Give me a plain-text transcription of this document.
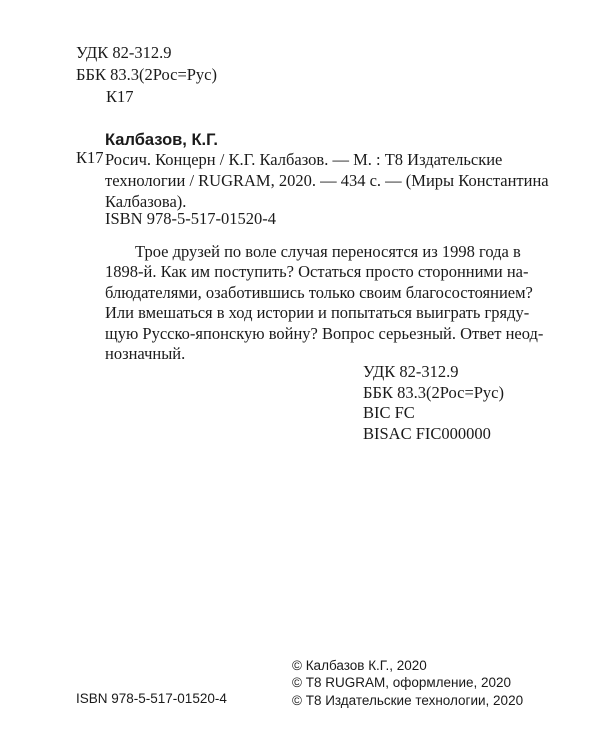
УДК 82-312.9
ББК 83.3(2Рос=Рус)
К17
Калбазов, К.Г.
К17 Росич. Концерн / К.Г. Калбазов. — М. : Т8 Издательские
технологии / RUGRAM, 2020. — 434 с. — (Миры Константина
Калбазова).
ISBN 978-5-517-01520-4
Трое друзей по воле случая переносятся из 1998 года в
1898-й. Как им поступить? Остаться просто сторонними на-
блюдателями, озаботившись только своим благосостоянием?
Или вмешаться в ход истории и попытаться выиграть гряду-
щую Русско-японскую войну? Вопрос серьезный. Ответ неод-
нозначный.
УДК 82-312.9
ББК 83.3(2Рос=Рус)
BIC FC
BISAC FIC000000
© Калбазов К.Г., 2020
© Т8 RUGRAM, оформление, 2020
© Т8 Издательские технологии, 2020
ISBN 978-5-517-01520-4
